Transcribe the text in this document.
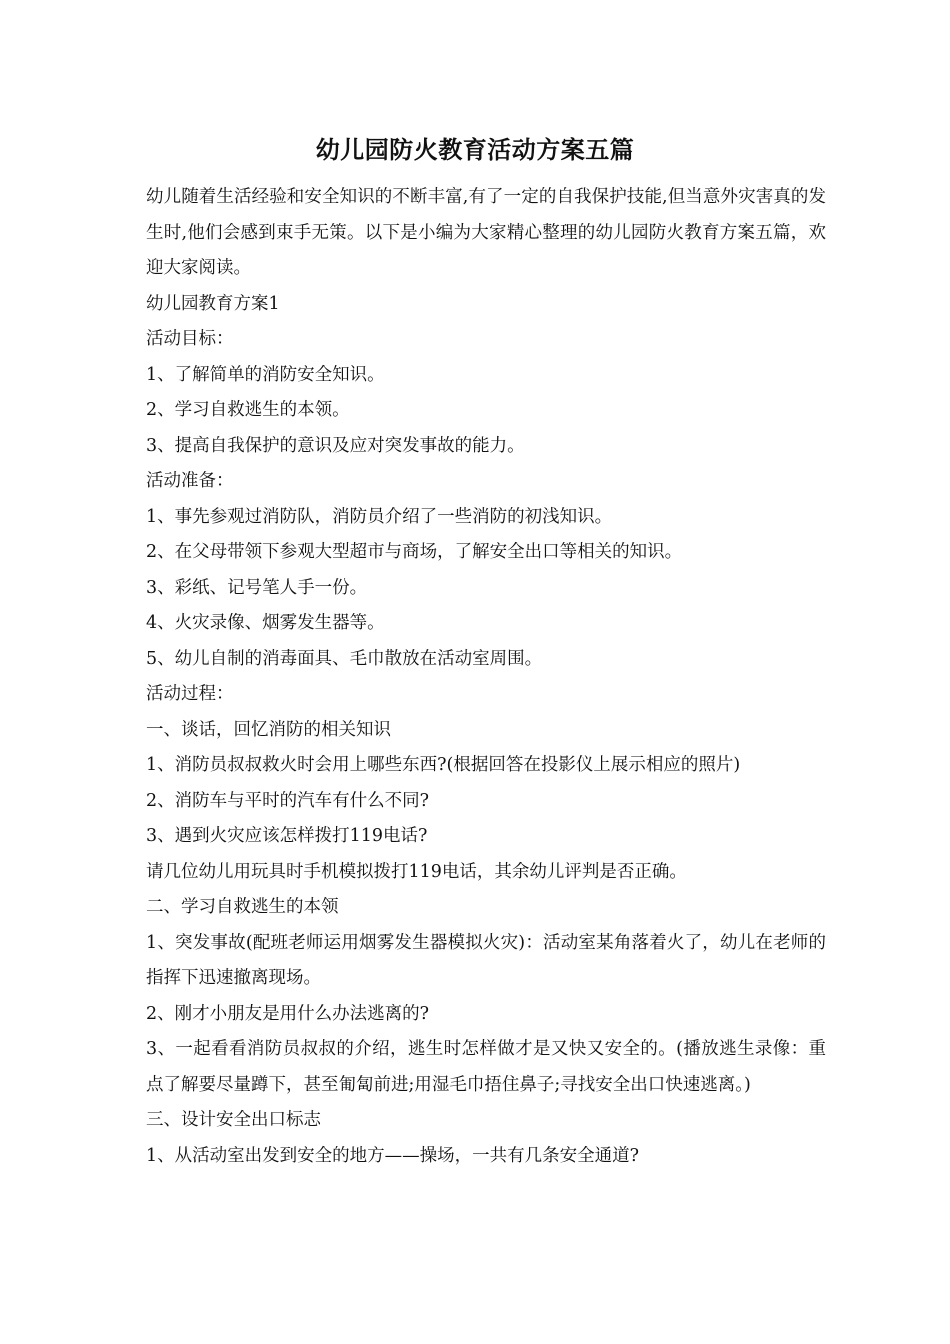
幼儿园防火教育活动方案五篇

幼儿随着生活经验和安全知识的不断丰富,有了一定的自我保护技能,但当意外灾害真的发生时,他们会感到束手无策。以下是小编为大家精心整理的幼儿园防火教育方案五篇，欢迎大家阅读。

幼儿园教育方案1

活动目标：

1、了解简单的消防安全知识。

2、学习自救逃生的本领。

3、提高自我保护的意识及应对突发事故的能力。

活动准备：

1、事先参观过消防队，消防员介绍了一些消防的初浅知识。

2、在父母带领下参观大型超市与商场，了解安全出口等相关的知识。

3、彩纸、记号笔人手一份。

4、火灾录像、烟雾发生器等。

5、幼儿自制的消毒面具、毛巾散放在活动室周围。

活动过程：

一、谈话，回忆消防的相关知识

1、消防员叔叔救火时会用上哪些东西?(根据回答在投影仪上展示相应的照片)

2、消防车与平时的汽车有什么不同?

3、遇到火灾应该怎样拨打119电话?

请几位幼儿用玩具时手机模拟拨打119电话，其余幼儿评判是否正确。

二、学习自救逃生的本领

1、突发事故(配班老师运用烟雾发生器模拟火灾)：活动室某角落着火了，幼儿在老师的指挥下迅速撤离现场。

2、刚才小朋友是用什么办法逃离的?

3、一起看看消防员叔叔的介绍，逃生时怎样做才是又快又安全的。(播放逃生录像：重点了解要尽量蹲下，甚至匍匐前进;用湿毛巾捂住鼻子;寻找安全出口快速逃离。)

三、设计安全出口标志

1、从活动室出发到安全的地方——操场，一共有几条安全通道?
